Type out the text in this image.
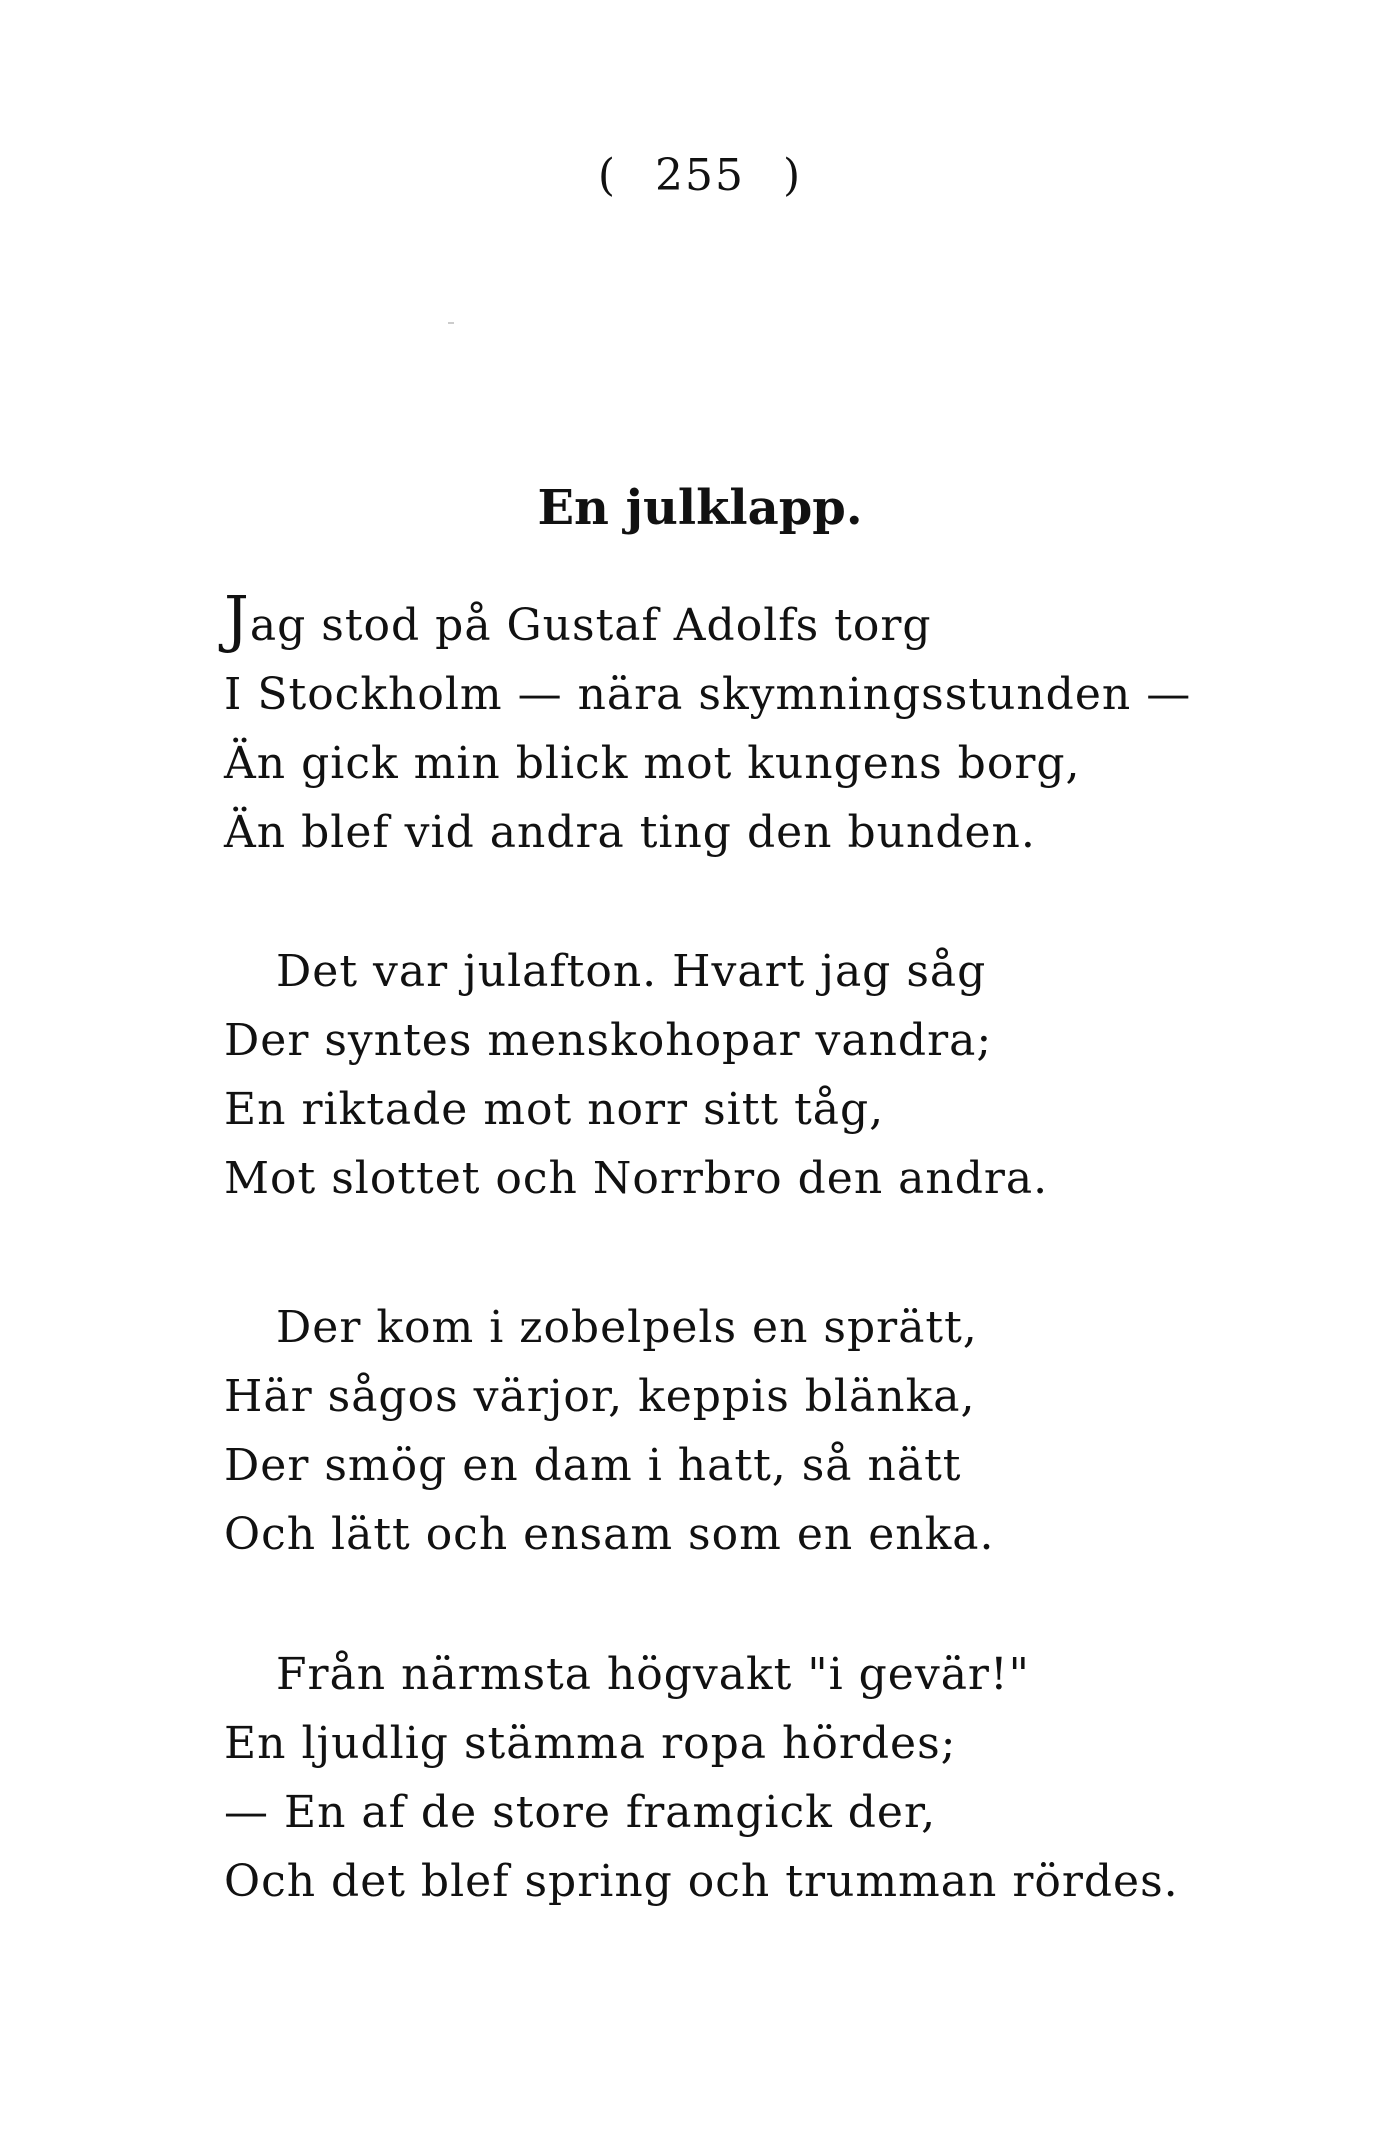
( 255 )
En julklapp.
Jag stod på Gustaf Adolfs torg
I Stockholm — nära skymningsstunden —
Än gick min blick mot kungens borg,
Än blef vid andra ting den bunden.
Det var julafton. Hvart jag såg
Der syntes menskohopar vandra;
En riktade mot norr sitt tåg,
Mot slottet och Norrbro den andra.
Der kom i zobelpels en sprätt,
Här sågos värjor, keppis blänka,
Der smög en dam i hatt, så nätt
Och lätt och ensam som en enka.
Från närmsta högvakt "i gevär!"
En ljudlig stämma ropa hördes;
— En af de store framgick der,
Och det blef spring och trumman rördes.
